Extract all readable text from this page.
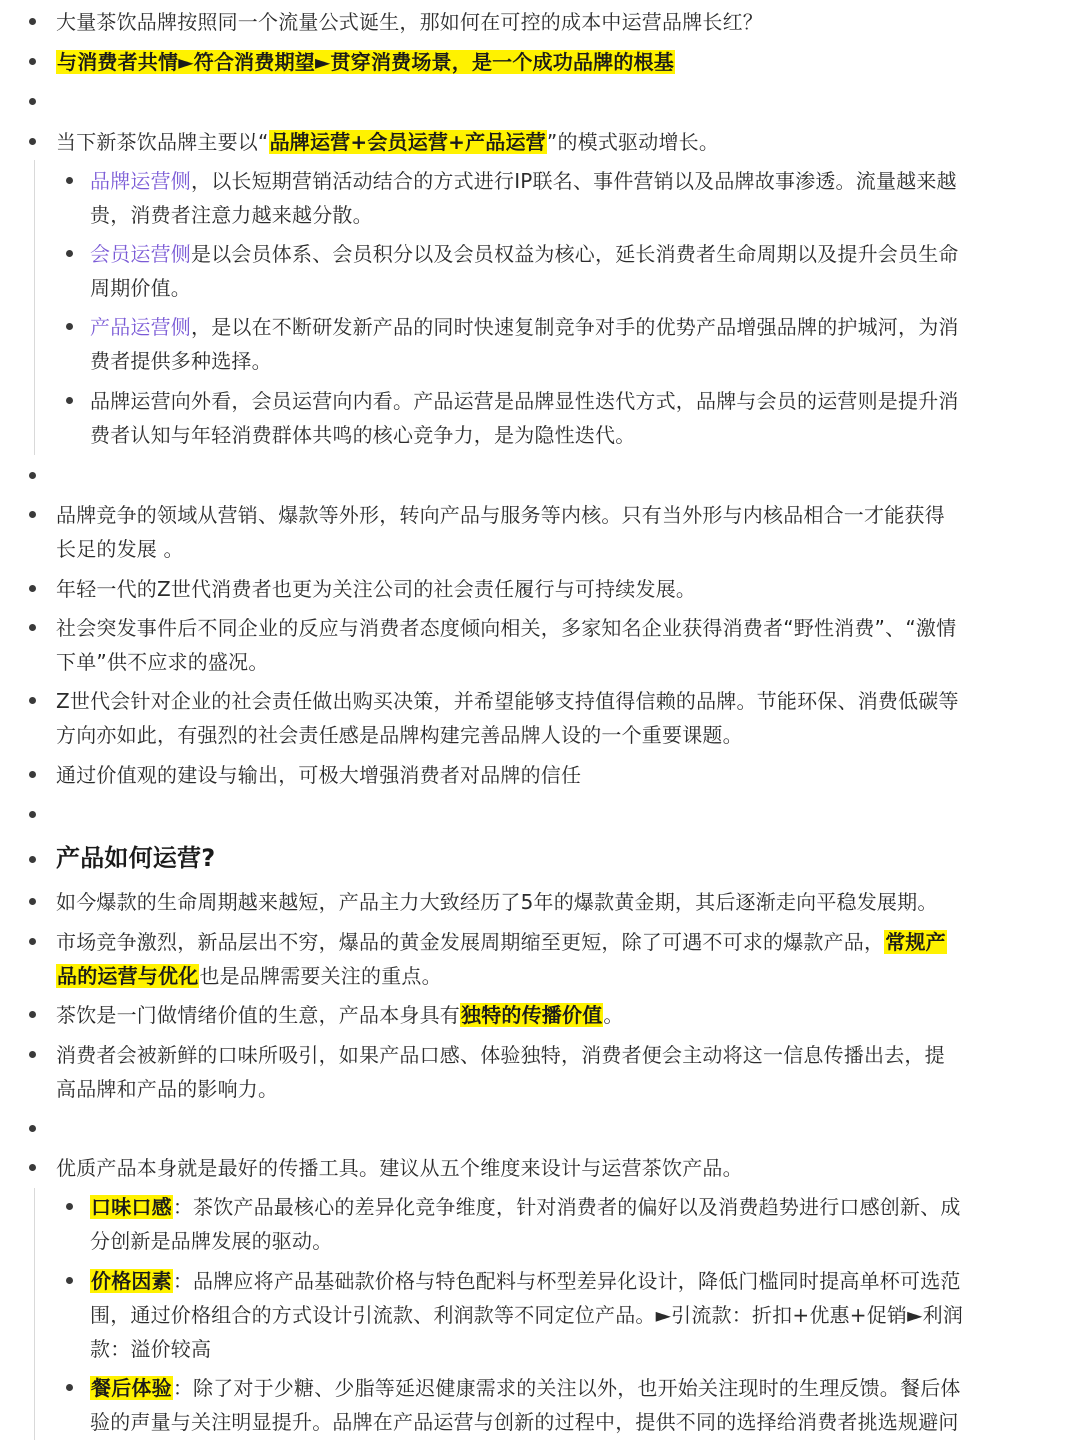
大量茶饮品牌按照同一个流量公式诞生，那如何在可控的成本中运营品牌长红？
与消费者共情►符合消费期望►贯穿消费场景，是一个成功品牌的根基
当下新茶饮品牌主要以“品牌运营+会员运营+产品运营”的模式驱动增长。
品牌运营侧，以长短期营销活动结合的方式进行IP联名、事件营销以及品牌故事渗透。流量越来越
贵，消费者注意力越来越分散。
会员运营侧是以会员体系、会员积分以及会员权益为核心，延长消费者生命周期以及提升会员生命
周期价值。
产品运营侧，是以在不断研发新产品的同时快速复制竞争对手的优势产品增强品牌的护城河，为消
费者提供多种选择。
品牌运营向外看，会员运营向内看。产品运营是品牌显性迭代方式，品牌与会员的运营则是提升消
费者认知与年轻消费群体共鸣的核心竞争力，是为隐性迭代。
品牌竞争的领域从营销、爆款等外形，转向产品与服务等内核。只有当外形与内核品相合一才能获得
长足的发展 。
年轻一代的Z世代消费者也更为关注公司的社会责任履行与可持续发展。
社会突发事件后不同企业的反应与消费者态度倾向相关，多家知名企业获得消费者“野性消费”、“激情
下单”供不应求的盛况。
Z世代会针对企业的社会责任做出购买决策，并希望能够支持值得信赖的品牌。节能环保、消费低碳等
方向亦如此，有强烈的社会责任感是品牌构建完善品牌人设的一个重要课题。
通过价值观的建设与输出，可极大增强消费者对品牌的信任
产品如何运营?
如今爆款的生命周期越来越短，产品主力大致经历了5年的爆款黄金期，其后逐渐走向平稳发展期。
市场竞争激烈，新品层出不穷，爆品的黄金发展周期缩至更短，除了可遇不可求的爆款产品，常规产
品的运营与优化也是品牌需要关注的重点。
茶饮是一门做情绪价值的生意，产品本身具有独特的传播价值。
消费者会被新鲜的口味所吸引，如果产品口感、体验独特，消费者便会主动将这一信息传播出去，提
高品牌和产品的影响力。
优质产品本身就是最好的传播工具。建议从五个维度来设计与运营茶饮产品。
口味口感：茶饮产品最核心的差异化竞争维度，针对消费者的偏好以及消费趋势进行口感创新、成
分创新是品牌发展的驱动。
价格因素：品牌应将产品基础款价格与特色配料与杯型差异化设计，降低门槛同时提高单杯可选范
围，通过价格组合的方式设计引流款、利润款等不同定位产品。►引流款：折扣+优惠+促销►利润
款：溢价较高
餐后体验：除了对于少糖、少脂等延迟健康需求的关注以外，也开始关注现时的生理反馈。餐后体
验的声量与关注明显提升。品牌在产品运营与创新的过程中，提供不同的选择给消费者挑选规避问
